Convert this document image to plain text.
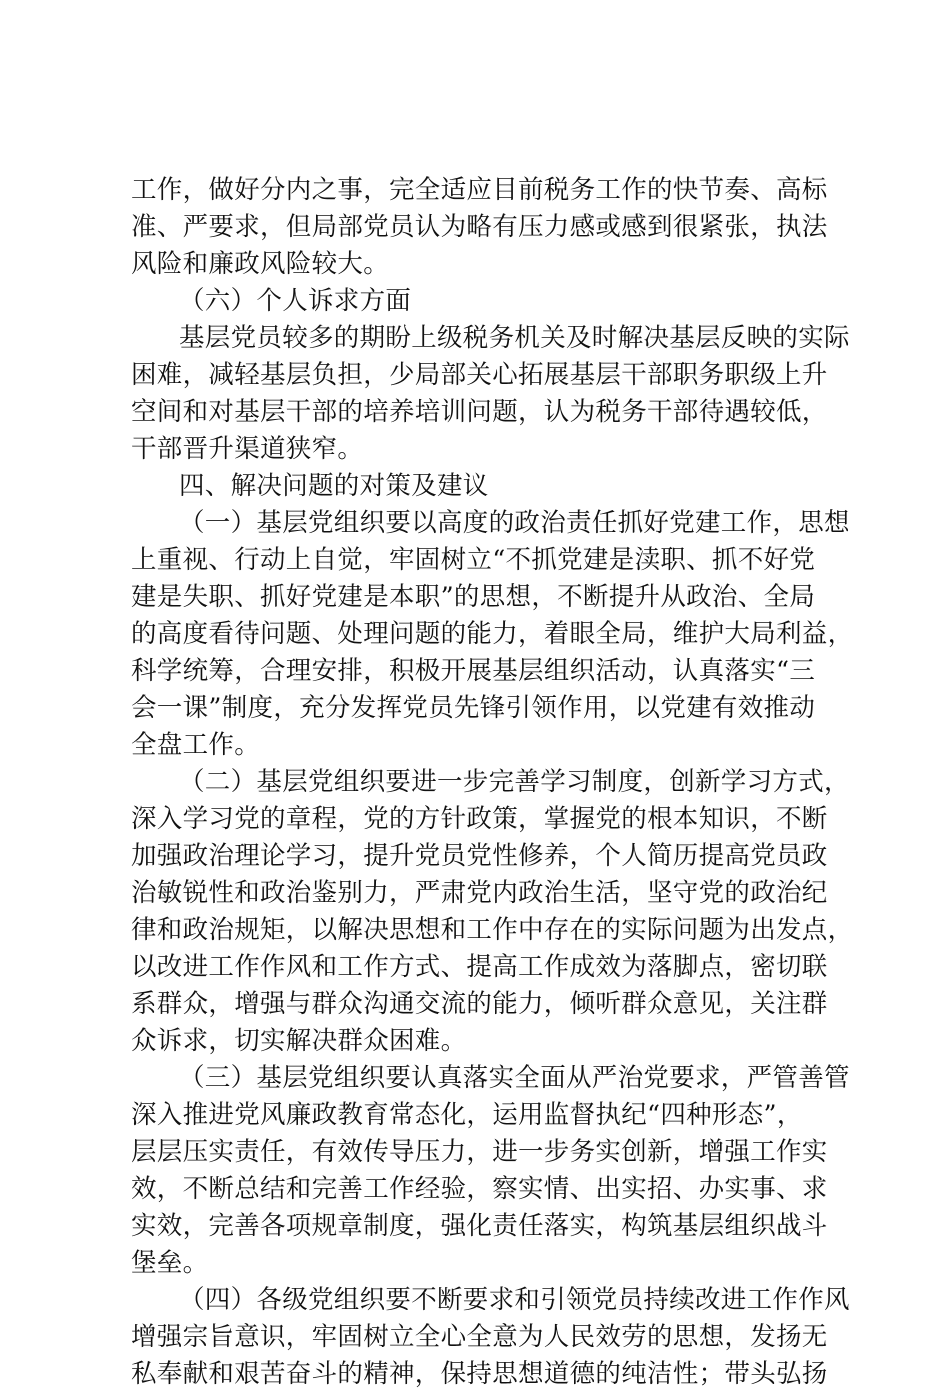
工作，做好分内之事，完全适应目前税务工作的快节奏、高标
准、严要求，但局部党员认为略有压力感或感到很紧张，执法
风险和廉政风险较大。
（六）个人诉求方面
基层党员较多的期盼上级税务机关及时解决基层反映的实际
困难，减轻基层负担，少局部关心拓展基层干部职务职级上升
空间和对基层干部的培养培训问题，认为税务干部待遇较低，
干部晋升渠道狭窄。
四、解决问题的对策及建议
（一）基层党组织要以高度的政治责任抓好党建工作，思想
上重视、行动上自觉，牢固树立“不抓党建是渎职、抓不好党
建是失职、抓好党建是本职”的思想，不断提升从政治、全局
的高度看待问题、处理问题的能力，着眼全局，维护大局利益，
科学统筹，合理安排，积极开展基层组织活动，认真落实“三
会一课”制度，充分发挥党员先锋引领作用，以党建有效推动
全盘工作。
（二）基层党组织要进一步完善学习制度，创新学习方式，
深入学习党的章程，党的方针政策，掌握党的根本知识，不断
加强政治理论学习，提升党员党性修养，个人简历提高党员政
治敏锐性和政治鉴别力，严肃党内政治生活，坚守党的政治纪
律和政治规矩，以解决思想和工作中存在的实际问题为出发点，
以改进工作作风和工作方式、提高工作成效为落脚点，密切联
系群众，增强与群众沟通交流的能力，倾听群众意见，关注群
众诉求，切实解决群众困难。
（三）基层党组织要认真落实全面从严治党要求，严管善管
深入推进党风廉政教育常态化，运用监督执纪“四种形态”，
层层压实责任，有效传导压力，进一步务实创新，增强工作实
效，不断总结和完善工作经验，察实情、出实招、办实事、求
实效，完善各项规章制度，强化责任落实，构筑基层组织战斗
堡垒。
（四）各级党组织要不断要求和引领党员持续改进工作作风
增强宗旨意识，牢固树立全心全意为人民效劳的思想，发扬无
私奉献和艰苦奋斗的精神，保持思想道德的纯洁性；带头弘扬
